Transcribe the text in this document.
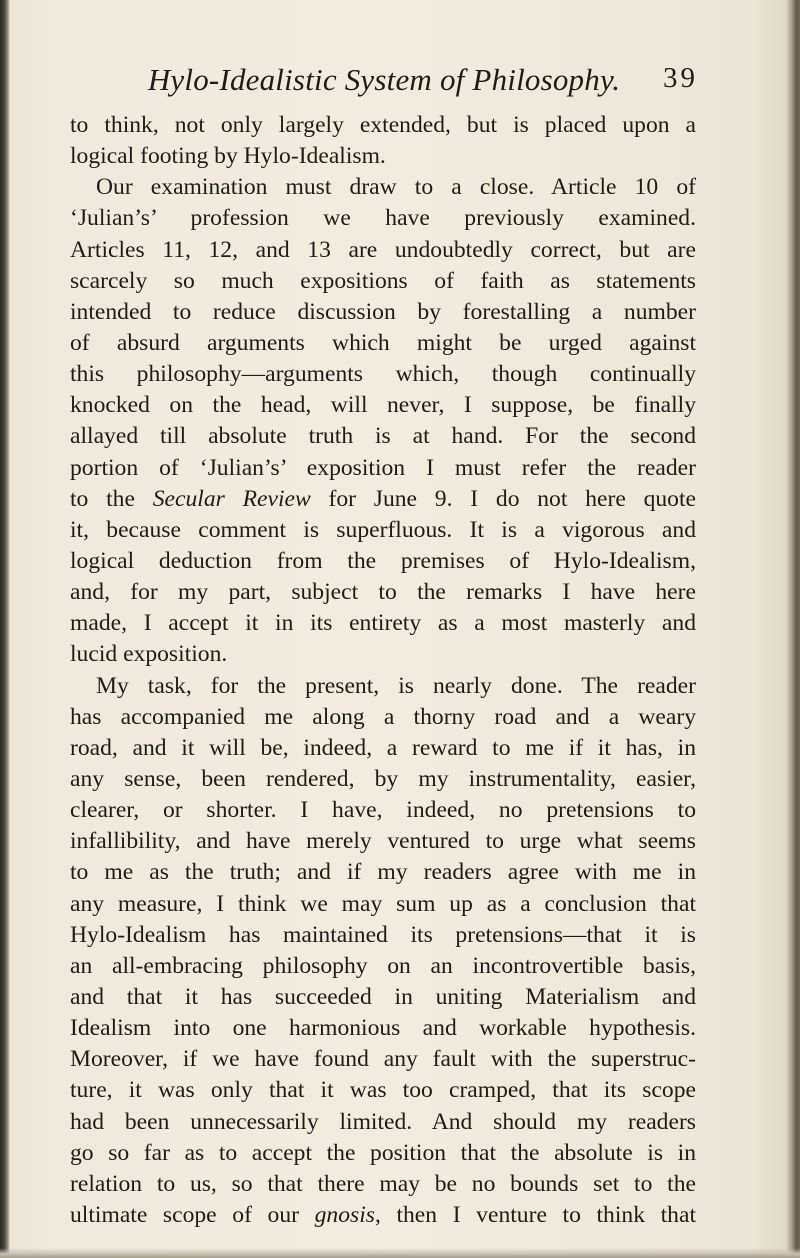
Hylo-Idealistic System of Philosophy.	39
to think, not only largely extended, but is placed upon a
logical footing by Hylo-Idealism.
Our examination must draw to a close. Article 10 of
‘Julian’s’ profession we have previously examined.
Articles 11, 12, and 13 are undoubtedly correct, but are
scarcely so much expositions of faith as statements
intended to reduce discussion by forestalling a number
of absurd arguments which might be urged against
this philosophy—arguments which, though continually
knocked on the head, will never, I suppose, be finally
allayed till absolute truth is at hand. For the second
portion of ‘Julian’s’ exposition I must refer the reader
to the Secular Review for June 9. I do not here quote
it, because comment is superfluous. It is a vigorous and
logical deduction from the premises of Hylo-Idealism,
and, for my part, subject to the remarks I have here
made, I accept it in its entirety as a most masterly and
lucid exposition.
My task, for the present, is nearly done. The reader
has accompanied me along a thorny road and a weary
road, and it will be, indeed, a reward to me if it has, in
any sense, been rendered, by my instrumentality, easier,
clearer, or shorter. I have, indeed, no pretensions to
infallibility, and have merely ventured to urge what seems
to me as the truth; and if my readers agree with me in
any measure, I think we may sum up as a conclusion that
Hylo-Idealism has maintained its pretensions—that it is
an all-embracing philosophy on an incontrovertible basis,
and that it has succeeded in uniting Materialism and
Idealism into one harmonious and workable hypothesis.
Moreover, if we have found any fault with the superstruc-
ture, it was only that it was too cramped, that its scope
had been unnecessarily limited. And should my readers
go so far as to accept the position that the absolute is in
relation to us, so that there may be no bounds set to the
ultimate scope of our gnosis, then I venture to think that
